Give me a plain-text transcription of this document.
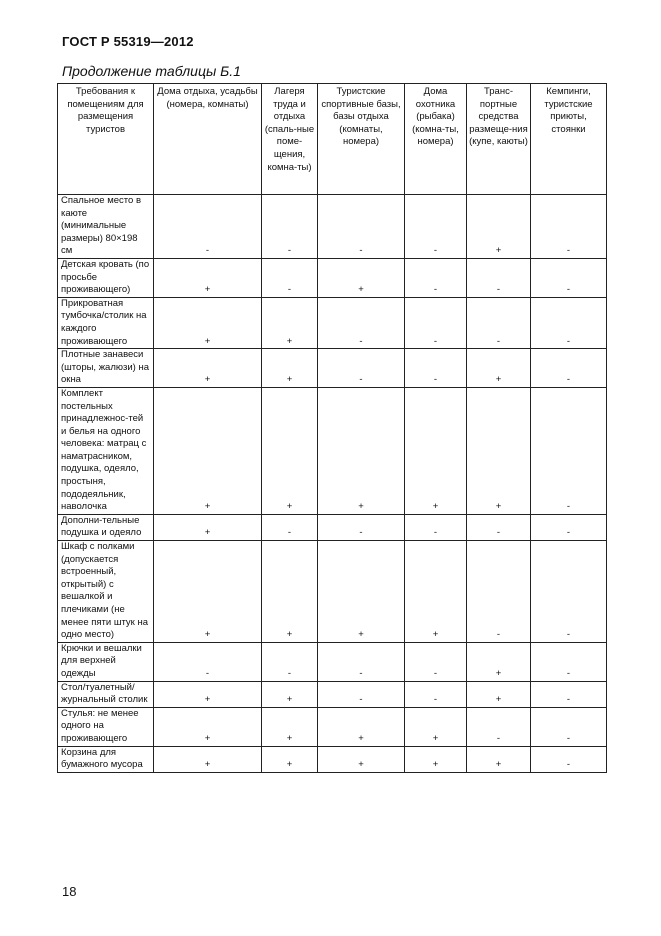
ГОСТ Р 55319—2012
Продолжение таблицы Б.1
Требования к помещениям для размещения туристов	Дома отдыха, усадьбы (номера, комнаты)	Лагеря труда и отдыха (спаль-ные поме-щения, комна-ты)	Туристские спортивные базы, базы отдыха (комнаты, номера)	Дома охотника (рыбака) (комна-ты, номера)	Транс-портные средства размеще-ния (купе, каюты)	Кемпинги, туристские приюты, стоянки
Спальное место в каюте (минимальные размеры) 80×198 см	-	-	-	-	+	-
Детская кровать (по просьбе проживающего)	+	-	+	-	-	-
Прикроватная тумбочка/столик на каждого проживающего	+	+	-	-	-	-
Плотные занавеси (шторы, жалюзи) на окна	+	+	-	-	+	-
Комплект постельных принадлежнос-тей и белья на одного человека: матрац с наматрасником, подушка, одеяло, простыня, пододеяльник, наволочка	+	+	+	+	+	-
Дополни-тельные подушка и одеяло	+	-	-	-	-	-
Шкаф с полками (допускается встроенный, открытый) с вешалкой и плечиками (не менее пяти штук на одно место)	+	+	+	+	-	-
Крючки и вешалки для верхней одежды	-	-	-	-	+	-
Стол/туалетный/журнальный столик	+	+	-	-	+	-
Стулья: не менее одного на проживающего	+	+	+	+	-	-
Корзина для бумажного мусора	+	+	+	+	+	-
18
